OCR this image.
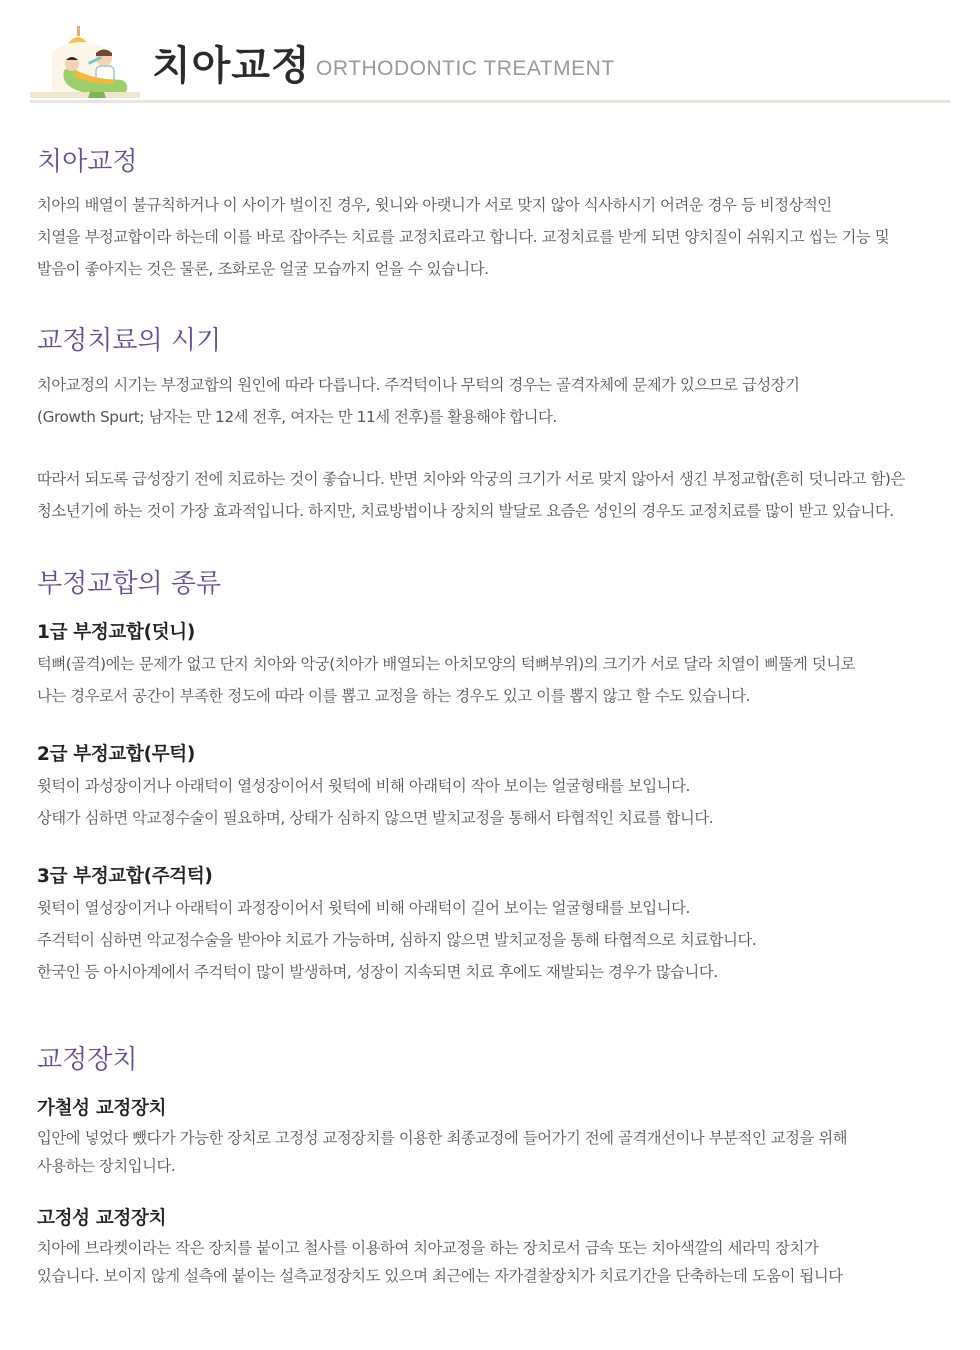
치아교정 ORTHODONTIC TREATMENT
치아교정

치아의 배열이 불규칙하거나 이 사이가 벌이진 경우, 윗니와 아랫니가 서로 맞지 않아 식사하시기 어려운 경우 등 비정상적인

치열을 부정교합이라 하는데 이를 바로 잡아주는 치료를 교정치료라고 합니다. 교정치료를 받게 되면 양치질이 쉬워지고 씹는 기능 및

발음이 좋아지는 것은 물론, 조화로운 얼굴 모습까지 얻을 수 있습니다.

교정치료의 시기

치아교정의 시기는 부정교합의 원인에 따라 다릅니다. 주걱턱이나 무턱의 경우는 골격자체에 문제가 있으므로 급성장기

(Growth Spurt; 남자는 만 12세 전후, 여자는 만 11세 전후)를 활용해야 합니다.

따라서 되도록 급성장기 전에 치료하는 것이 좋습니다. 반면 치아와 악궁의 크기가 서로 맞지 않아서 생긴 부정교합(흔히 덧니라고 함)은

청소년기에 하는 것이 가장 효과적입니다. 하지만, 치료방법이나 장치의 발달로 요즘은 성인의 경우도 교정치료를 많이 받고 있습니다.

부정교합의 종류
1급 부정교합(덧니)

턱뼈(골격)에는 문제가 없고 단지 치아와 악궁(치아가 배열되는 아치모양의 턱뼈부위)의 크기가 서로 달라 치열이 삐뚤게 덧니로

나는 경우로서 공간이 부족한 정도에 따라 이를 뽑고 교정을 하는 경우도 있고 이를 뽑지 않고 할 수도 있습니다.

2급 부정교합(무턱)

윗턱이 과성장이거나 아래턱이 열성장이어서 윗턱에 비해 아래턱이 작아 보이는 얼굴형태를 보입니다.

상태가 심하면 악교정수술이 필요하며, 상태가 심하지 않으면 발치교정을 통해서 타협적인 치료를 합니다.

3급 부정교합(주걱턱)

윗턱이 열성장이거나 아래턱이 과정장이어서 윗턱에 비해 아래턱이 길어 보이는 얼굴형태를 보입니다.

주걱턱이 심하면 악교정수술을 받아야 치료가 가능하며, 심하지 않으면 발치교정을 통해 타협적으로 치료합니다.

한국인 등 아시아계에서 주걱턱이 많이 발생하며, 성장이 지속되면 치료 후에도 재발되는 경우가 많습니다.

교정장치
가철성 교정장치

입안에 넣었다 뺐다가 가능한 장치로 고정성 교정장치를 이용한 최종교정에 들어가기 전에 골격개선이나 부분적인 교정을 위해

사용하는 장치입니다.

고정성 교정장치

치아에 브라켓이라는 작은 장치를 붙이고 철사를 이용하여 치아교정을 하는 장치로서 금속 또는 치아색깔의 세라믹 장치가

있습니다. 보이지 않게 설측에 붙이는 설측교정장치도 있으며 최근에는 자가결찰장치가 치료기간을 단축하는데 도움이 됩니다
